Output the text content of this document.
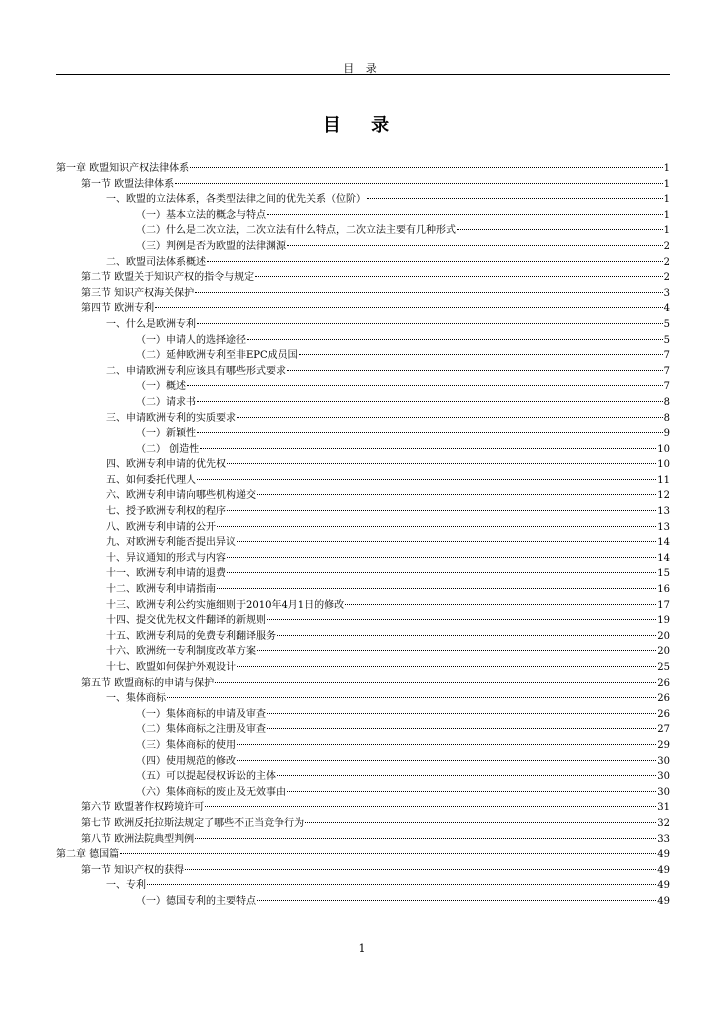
目 录
目 录
第一章 欧盟知识产权法律体系	1
第一节 欧盟法律体系	1
一、欧盟的立法体系，各类型法律之间的优先关系（位阶）	1
（一）基本立法的概念与特点	1
（二）什么是二次立法，二次立法有什么特点，二次立法主要有几种形式	1
（三）判例是否为欧盟的法律渊源	2
二、欧盟司法体系概述	2
第二节 欧盟关于知识产权的指令与规定	2
第三节 知识产权海关保护	3
第四节 欧洲专利	4
一、什么是欧洲专利	5
（一）申请人的选择途径	5
（二）延伸欧洲专利至非EPC成员国	7
二、申请欧洲专利应该具有哪些形式要求	7
（一）概述	7
（二）请求书	8
三、申请欧洲专利的实质要求	8
（一）新颖性	9
（二） 创造性	10
四、欧洲专利申请的优先权	10
五、如何委托代理人	11
六、欧洲专利申请向哪些机构递交	12
七、授予欧洲专利权的程序	13
八、欧洲专利申请的公开	13
九、对欧洲专利能否提出异议	14
十、异议通知的形式与内容	14
十一、欧洲专利申请的退费	15
十二、欧洲专利申请指南	16
十三、欧洲专利公约实施细则于2010年4月1日的修改	17
十四、提交优先权文件翻译的新规则	19
十五、欧洲专利局的免费专利翻译服务	20
十六、欧洲统一专利制度改革方案	20
十七、欧盟如何保护外观设计	25
第五节 欧盟商标的申请与保护	26
一、集体商标	26
（一）集体商标的申请及审查	26
（二）集体商标之注册及审查	27
（三）集体商标的使用	29
（四）使用规范的修改	30
（五）可以提起侵权诉讼的主体	30
（六）集体商标的废止及无效事由	30
第六节 欧盟著作权跨境许可	31
第七节 欧洲反托拉斯法规定了哪些不正当竞争行为	32
第八节 欧洲法院典型判例	33
第二章 德国篇	49
第一节 知识产权的获得	49
一、专利	49
（一）德国专利的主要特点	49
1
